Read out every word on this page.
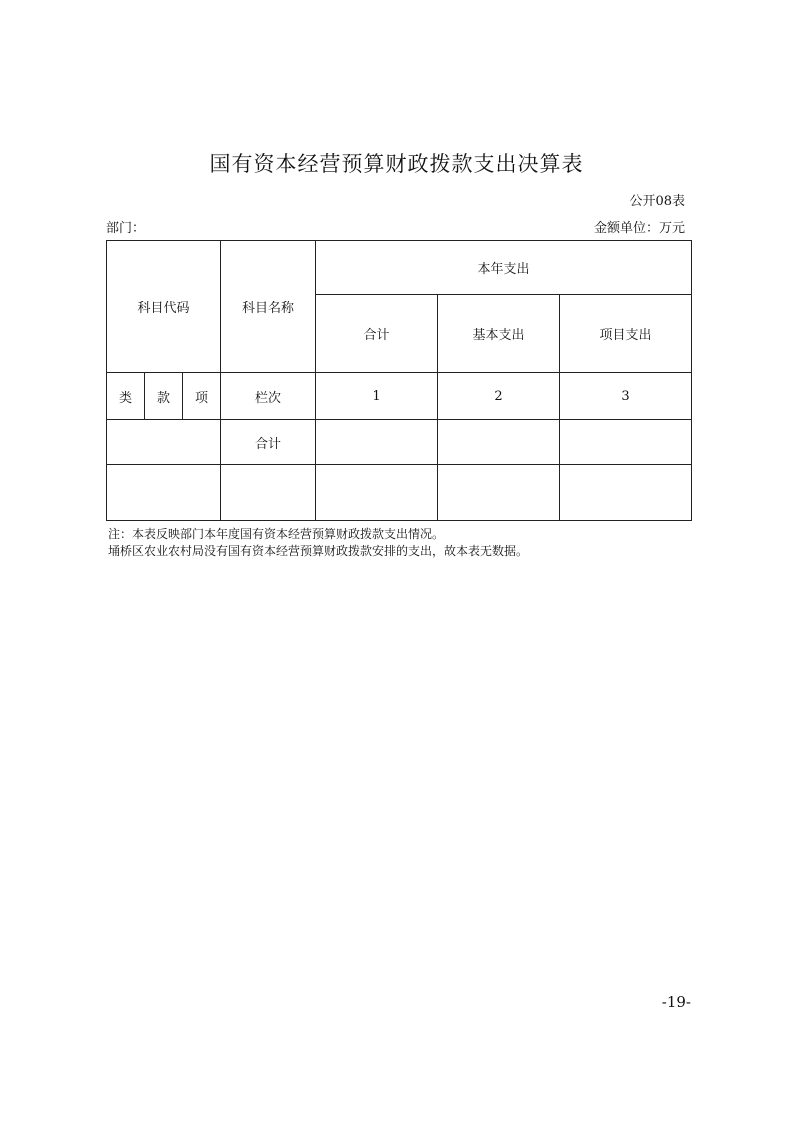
国有资本经营预算财政拨款支出决算表
公开08表
部门：	金额单位：万元
科目代码			科目名称	本年支出		
				合计	基本支出	项目支出
类	款	项	栏次	1	2	3
			合计			

注：本表反映部门本年度国有资本经营预算财政拨款支出情况。
埇桥区农业农村局没有国有资本经营预算财政拨款安排的支出，故本表无数据。
-19-
